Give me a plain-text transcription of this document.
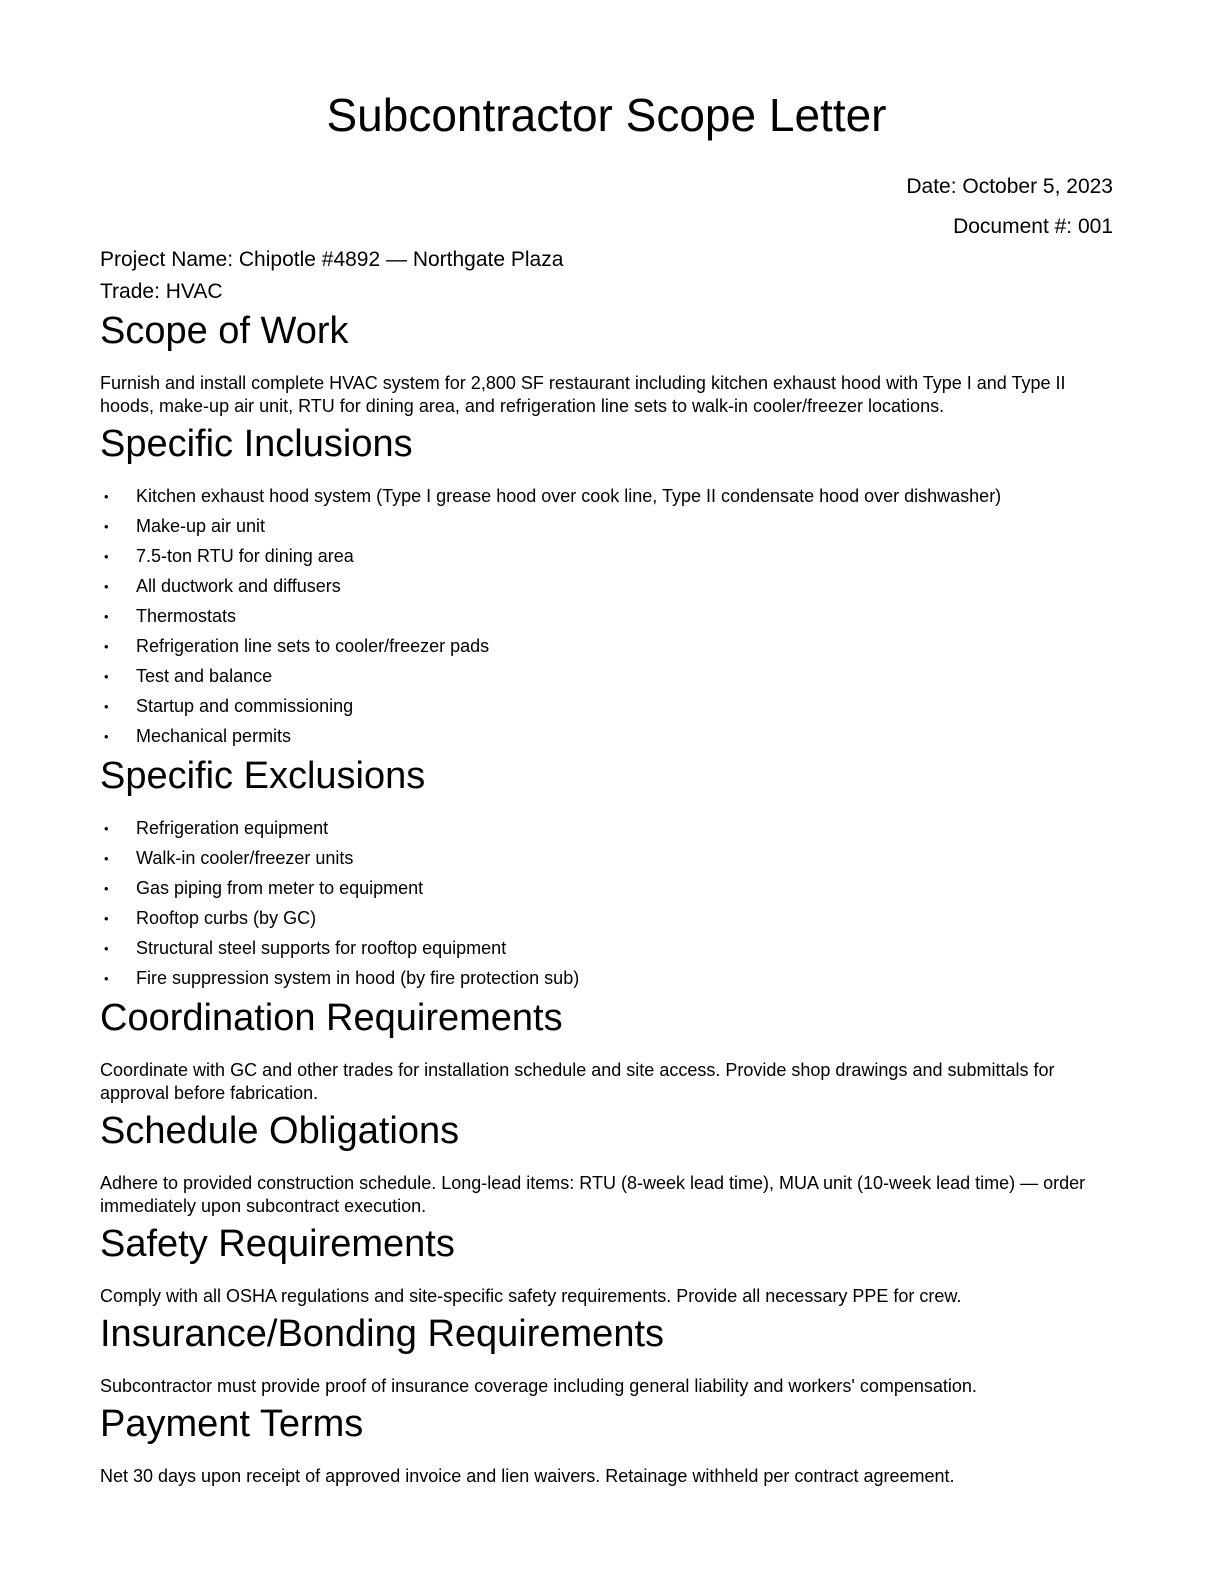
Subcontractor Scope Letter
Date: October 5, 2023
Document #: 001
Project Name: Chipotle #4892 — Northgate Plaza
Trade: HVAC
Scope of Work

Furnish and install complete HVAC system for 2,800 SF restaurant including kitchen exhaust hood with Type I and Type II hoods, make-up air unit, RTU for dining area, and refrigeration line sets to walk-in cooler/freezer locations.

Specific Inclusions
• Kitchen exhaust hood system (Type I grease hood over cook line, Type II condensate hood over dishwasher)
• Make-up air unit
• 7.5-ton RTU for dining area
• All ductwork and diffusers
• Thermostats
• Refrigeration line sets to cooler/freezer pads
• Test and balance
• Startup and commissioning
• Mechanical permits
Specific Exclusions
• Refrigeration equipment
• Walk-in cooler/freezer units
• Gas piping from meter to equipment
• Rooftop curbs (by GC)
• Structural steel supports for rooftop equipment
• Fire suppression system in hood (by fire protection sub)
Coordination Requirements

Coordinate with GC and other trades for installation schedule and site access. Provide shop drawings and submittals for approval before fabrication.

Schedule Obligations

Adhere to provided construction schedule. Long-lead items: RTU (8-week lead time), MUA unit (10-week lead time) — order immediately upon subcontract execution.

Safety Requirements

Comply with all OSHA regulations and site-specific safety requirements. Provide all necessary PPE for crew.

Insurance/Bonding Requirements

Subcontractor must provide proof of insurance coverage including general liability and workers' compensation.

Payment Terms

Net 30 days upon receipt of approved invoice and lien waivers. Retainage withheld per contract agreement.
